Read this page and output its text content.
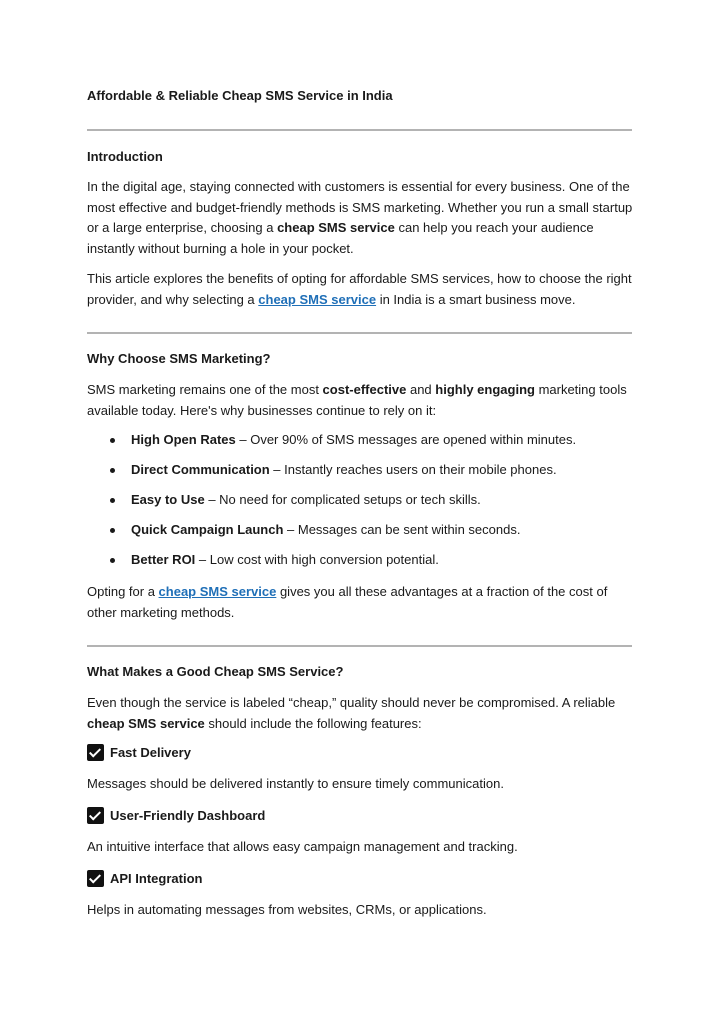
Affordable & Reliable Cheap SMS Service in India
Introduction
In the digital age, staying connected with customers is essential for every business. One of the most effective and budget-friendly methods is SMS marketing. Whether you run a small startup or a large enterprise, choosing a cheap SMS service can help you reach your audience instantly without burning a hole in your pocket.
This article explores the benefits of opting for affordable SMS services, how to choose the right provider, and why selecting a cheap SMS service in India is a smart business move.
Why Choose SMS Marketing?
SMS marketing remains one of the most cost-effective and highly engaging marketing tools available today. Here's why businesses continue to rely on it:
High Open Rates – Over 90% of SMS messages are opened within minutes.
Direct Communication – Instantly reaches users on their mobile phones.
Easy to Use – No need for complicated setups or tech skills.
Quick Campaign Launch – Messages can be sent within seconds.
Better ROI – Low cost with high conversion potential.
Opting for a cheap SMS service gives you all these advantages at a fraction of the cost of other marketing methods.
What Makes a Good Cheap SMS Service?
Even though the service is labeled “cheap,” quality should never be compromised. A reliable cheap SMS service should include the following features:
Fast Delivery
Messages should be delivered instantly to ensure timely communication.
User-Friendly Dashboard
An intuitive interface that allows easy campaign management and tracking.
API Integration
Helps in automating messages from websites, CRMs, or applications.
